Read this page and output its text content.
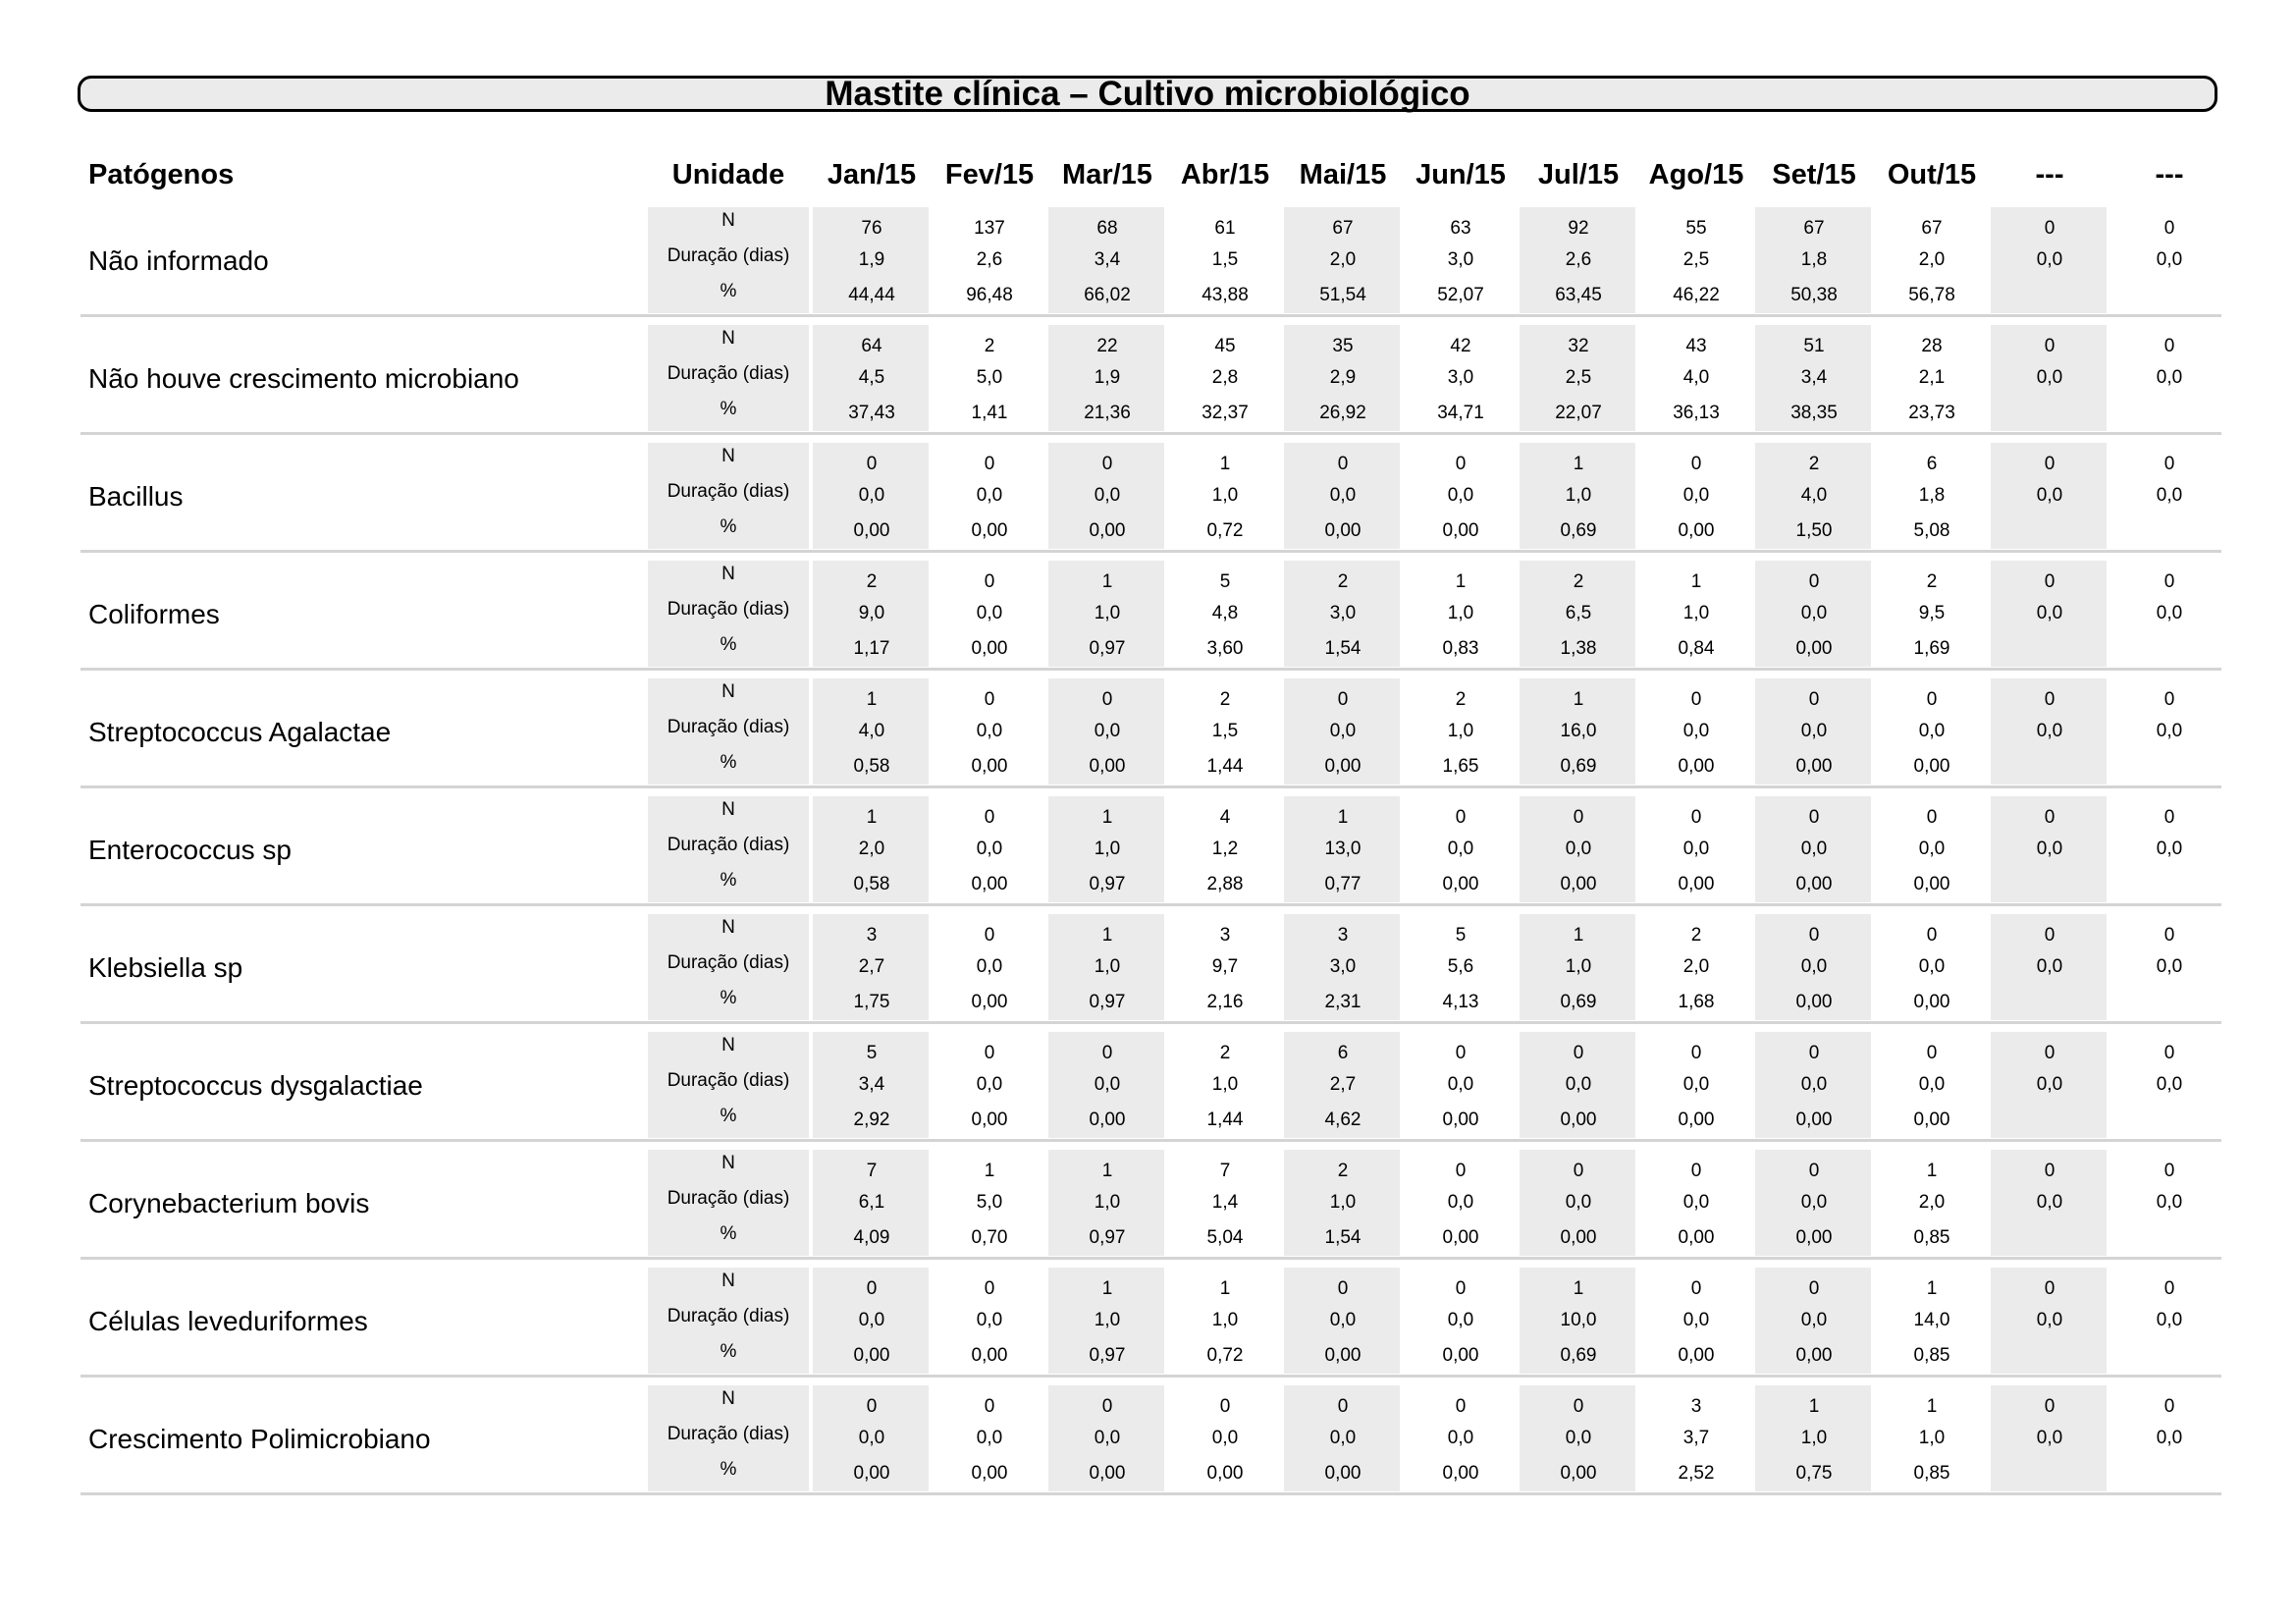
Mastite clínica – Cultivo microbiológico
Patógenos	Unidade Jan/15 Fev/15 Mar/15 Abr/15 Mai/15 Jun/15 Jul/15 Ago/15 Set/15 Out/15 ---	---
Não informado
N	76	137	68	61	67	63	92	55	67	67	0	0
Duração (dias)	1,9	2,6	3,4	1,5	2,0	3,0	2,6	2,5	1,8	2,0	0,0	0,0
%	44,44	96,48	66,02	43,88	51,54	52,07	63,45	46,22	50,38	56,78
Não houve crescimento microbiano
N	64	2	22	45	35	42	32	43	51	28	0	0
Duração (dias)	4,5	5,0	1,9	2,8	2,9	3,0	2,5	4,0	3,4	2,1	0,0	0,0
%	37,43	1,41	21,36	32,37	26,92	34,71	22,07	36,13	38,35	23,73
Bacillus
N	0	0	0	1	0	0	1	0	2	6	0	0
Duração (dias)	0,0	0,0	0,0	1,0	0,0	0,0	1,0	0,0	4,0	1,8	0,0	0,0
%	0,00	0,00	0,00	0,72	0,00	0,00	0,69	0,00	1,50	5,08
Coliformes
N	2	0	1	5	2	1	2	1	0	2	0	0
Duração (dias)	9,0	0,0	1,0	4,8	3,0	1,0	6,5	1,0	0,0	9,5	0,0	0,0
%	1,17	0,00	0,97	3,60	1,54	0,83	1,38	0,84	0,00	1,69
Streptococcus Agalactae
N	1	0	0	2	0	2	1	0	0	0	0	0
Duração (dias)	4,0	0,0	0,0	1,5	0,0	1,0	16,0	0,0	0,0	0,0	0,0	0,0
%	0,58	0,00	0,00	1,44	0,00	1,65	0,69	0,00	0,00	0,00
Enterococcus sp
N	1	0	1	4	1	0	0	0	0	0	0	0
Duração (dias)	2,0	0,0	1,0	1,2	13,0	0,0	0,0	0,0	0,0	0,0	0,0	0,0
%	0,58	0,00	0,97	2,88	0,77	0,00	0,00	0,00	0,00	0,00
Klebsiella sp
N	3	0	1	3	3	5	1	2	0	0	0	0
Duração (dias)	2,7	0,0	1,0	9,7	3,0	5,6	1,0	2,0	0,0	0,0	0,0	0,0
%	1,75	0,00	0,97	2,16	2,31	4,13	0,69	1,68	0,00	0,00
Streptococcus dysgalactiae
N	5	0	0	2	6	0	0	0	0	0	0	0
Duração (dias)	3,4	0,0	0,0	1,0	2,7	0,0	0,0	0,0	0,0	0,0	0,0	0,0
%	2,92	0,00	0,00	1,44	4,62	0,00	0,00	0,00	0,00	0,00
Corynebacterium bovis
N	7	1	1	7	2	0	0	0	0	1	0	0
Duração (dias)	6,1	5,0	1,0	1,4	1,0	0,0	0,0	0,0	0,0	2,0	0,0	0,0
%	4,09	0,70	0,97	5,04	1,54	0,00	0,00	0,00	0,00	0,85
Células leveduriformes
N	0	0	1	1	0	0	1	0	0	1	0	0
Duração (dias)	0,0	0,0	1,0	1,0	0,0	0,0	10,0	0,0	0,0	14,0	0,0	0,0
%	0,00	0,00	0,97	0,72	0,00	0,00	0,69	0,00	0,00	0,85
Crescimento Polimicrobiano
N	0	0	0	0	0	0	0	3	1	1	0	0
Duração (dias)	0,0	0,0	0,0	0,0	0,0	0,0	0,0	3,7	1,0	1,0	0,0	0,0
%	0,00	0,00	0,00	0,00	0,00	0,00	0,00	2,52	0,75	0,85
